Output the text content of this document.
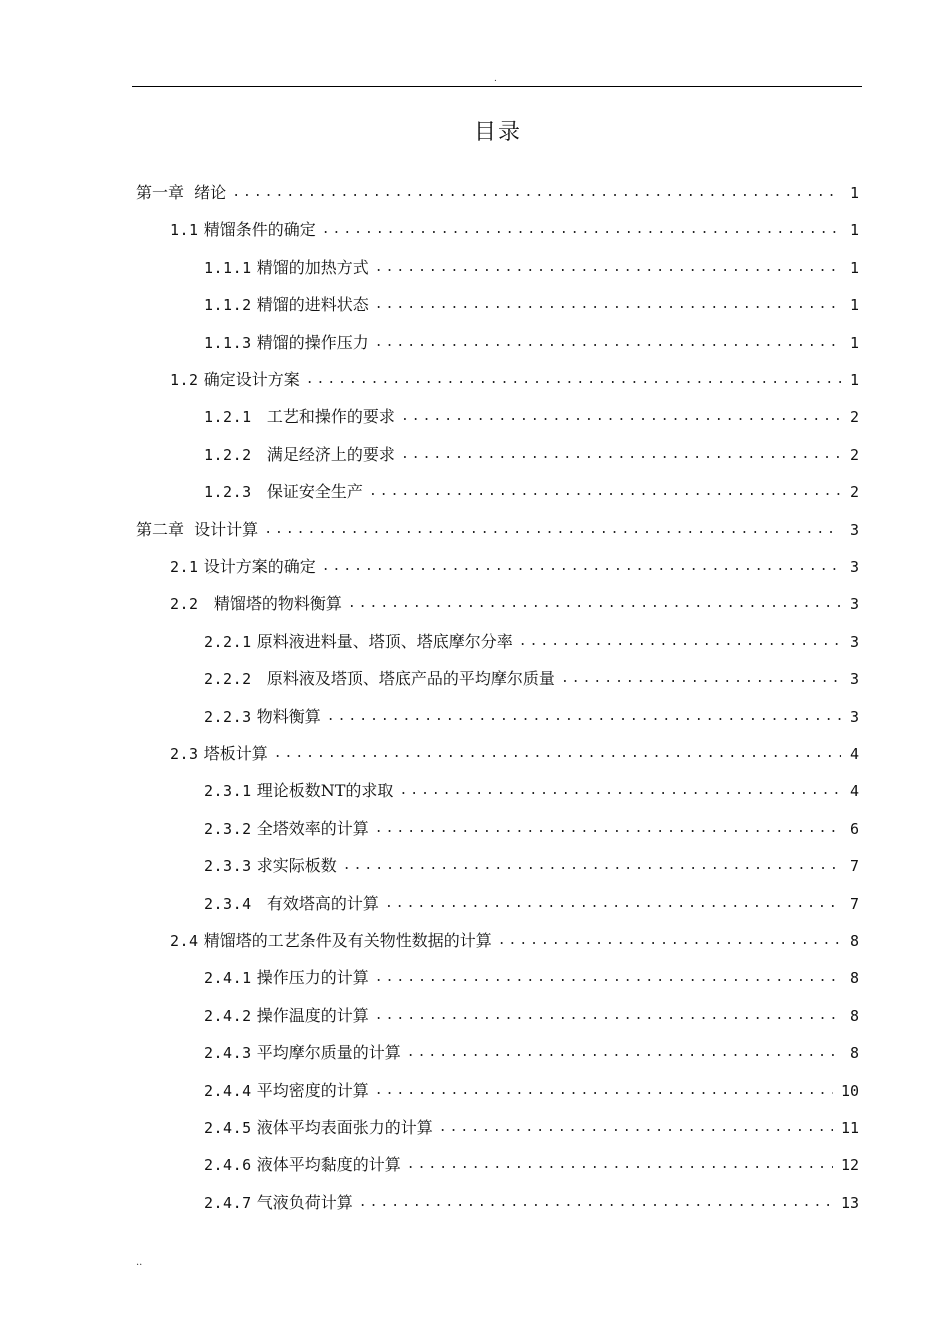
.
目录
第一章  绪论 .....	1
1.1 精馏条件的确定 .....	1
1.1.1 精馏的加热方式 .....	1
1.1.2 精馏的进料状态 .....	1
1.1.3 精馏的操作压力 .....	1
1.2 确定设计方案 .....	1
1.2.1   工艺和操作的要求 .....	2
1.2.2   满足经济上的要求 .....	2
1.2.3   保证安全生产 .....	2
第二章  设计计算 .....	3
2.1 设计方案的确定 .....	3
2.2   精馏塔的物料衡算 .....	3
2.2.1 原料液进料量、塔顶、塔底摩尔分率 .....	3
2.2.2   原料液及塔顶、塔底产品的平均摩尔质量 .....	3
2.2.3 物料衡算 .....	3
2.3 塔板计算 .....	4
2.3.1 理论板数NT的求取 .....	4
2.3.2 全塔效率的计算 .....	6
2.3.3 求实际板数 .....	7
2.3.4   有效塔高的计算 .....	7
2.4 精馏塔的工艺条件及有关物性数据的计算 .....	8
2.4.1 操作压力的计算 .....	8
2.4.2 操作温度的计算 .....	8
2.4.3 平均摩尔质量的计算 .....	8
2.4.4 平均密度的计算 .....	10
2.4.5 液体平均表面张力的计算 .....	11
2.4.6 液体平均黏度的计算 .....	12
2.4.7 气液负荷计算 .....	13
..
